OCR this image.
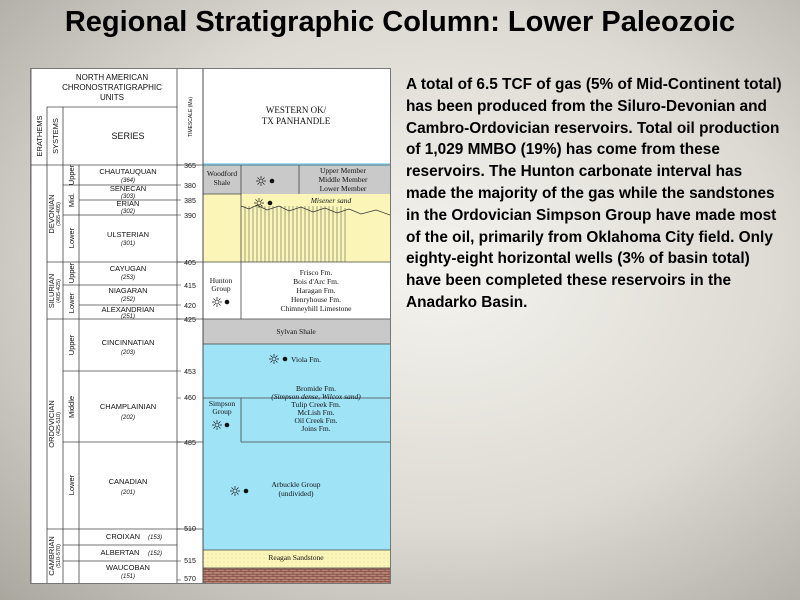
Regional Stratigraphic Column: Lower Paleozoic
NORTH AMERICAN
CHRONOSTRATIGRAPHIC
UNITS
SERIES
ERATHEMS SYSTEMS	TIMESCALE (Ma)	WESTERN OK/
TX PANHANDLE
DEVONIAN (365-405)
SILURIAN (405-425)
ORDOVICIAN (425-510)
CAMBRIAN (510-570)
Upper
Mid.
Lower
Upper
Lower
Upper
Middle
Lower
CHAUTAUQUAN
(364)
SENECAN
(303)
ERIAN
(302)
ULSTERIAN
(301)
CAYUGAN
(253)
NIAGARAN
(252)
ALEXANDRIAN
(251)
CINCINNATIAN
(203)
CHAMPLAINIAN
(202)
CANADIAN
(201)
CROIXAN (153)
ALBERTAN (152)
WAUCOBAN
(151)
365
380
385
390
405
415
420
425
453
460
485
510
515
570
Woodford
Shale
Upper Member
Middle Member
Lower Member
Misener sand
Hunton
Group
Frisco Fm.
Bois d'Arc Fm.
Haragan Fm.
Henryhouse Fm.
Chimneyhill Limestone
Sylvan Shale
Viola Fm.
Simpson
Group
Bromide Fm.
(Simpson dense, Wilcox sand)
Tulip Creek Fm.
McLish Fm.
Oil Creek Fm.
Joins Fm.
Arbuckle Group
(undivided)
Reagan Sandstone
A total of 6.5 TCF of gas (5% of Mid-Continent total) has been produced from the Siluro-Devonian and Cambro-Ordovician reservoirs. Total oil production of 1,029 MMBO (19%) has come from these reservoirs. The Hunton carbonate interval has made the majority of the gas while the sandstones in the Ordovician Simpson Group have made most of the oil, primarily from Oklahoma City field. Only eighty-eight horizontal wells (3% of basin total) have been completed these reservoirs in the Anadarko Basin.
